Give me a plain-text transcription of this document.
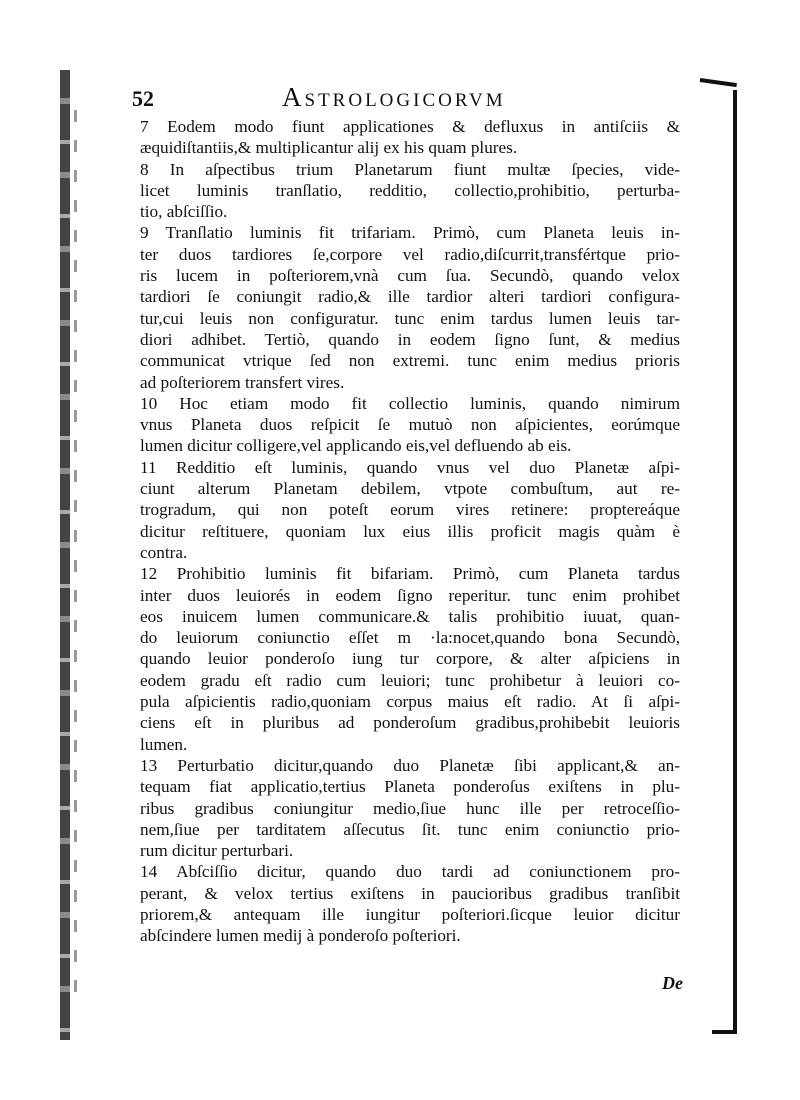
52	Astrologicorvm
7 Eodem modo fiunt applicationes & defluxus in antiſciis &
æquidiſtantiis,& multiplicantur alij ex his quam plures.
8 In aſpectibus trium Planetarum fiunt multæ ſpecies, vide-
licet luminis tranſlatio, redditio, collectio,prohibitio, perturba-
tio, abſciſſio.
9 Tranſlatio luminis fit trifariam. Primò, cum Planeta leuis in-
ter duos tardiores ſe,corpore vel radio,diſcurrit,transfértque prio-
ris lucem in poſteriorem,vnà cum ſua. Secundò, quando velox
tardiori ſe coniungit radio,& ille tardior alteri tardiori configura-
tur,cui leuis non configuratur. tunc enim tardus lumen leuis tar-
diori adhibet. Tertiò, quando in eodem ſigno ſunt, & medius
communicat vtrique ſed non extremi. tunc enim medius prioris
ad poſteriorem transfert vires.
10 Hoc etiam modo fit collectio luminis, quando nimirum
vnus Planeta duos reſpicit ſe mutuò non aſpicientes, eorúmque
lumen dicitur colligere,vel applicando eis,vel defluendo ab eis.
11 Redditio eſt luminis, quando vnus vel duo Planetæ aſpi-
ciunt alterum Planetam debilem, vtpote combuſtum, aut re-
trogradum, qui non poteſt eorum vires retinere: proptereáque
dicitur reſtituere, quoniam lux eius illis proficit magis quàm è
contra.
12 Prohibitio luminis fit bifariam. Primò, cum Planeta tardus
inter duos leuiorés in eodem ſigno reperitur. tunc enim prohibet
eos inuicem lumen communicare.& talis prohibitio iuuat, quan-
do leuiorum coniunctio eſſet m ·la:nocet,quando bona Secundò,
quando leuior ponderoſo iung tur corpore, & alter aſpiciens in
eodem gradu eſt radio cum leuiori; tunc prohibetur à leuiori co-
pula aſpicientis radio,quoniam corpus maius eſt radio. At ſi aſpi-
ciens eſt in pluribus ad ponderoſum gradibus,prohibebit leuioris
lumen.
13 Perturbatio dicitur,quando duo Planetæ ſibi applicant,& an-
tequam fiat applicatio,tertius Planeta ponderoſus exiſtens in plu-
ribus gradibus coniungitur medio,ſiue hunc ille per retroceſſio-
nem,ſiue per tarditatem aſſecutus ſit. tunc enim coniunctio prio-
rum dicitur perturbari.
14 Abſciſſio dicitur, quando duo tardi ad coniunctionem pro-
perant, & velox tertius exiſtens in paucioribus gradibus tranſibit
priorem,& antequam ille iungitur poſteriori.ſicque leuior dicitur
abſcindere lumen medij à ponderoſo poſteriori.
De
